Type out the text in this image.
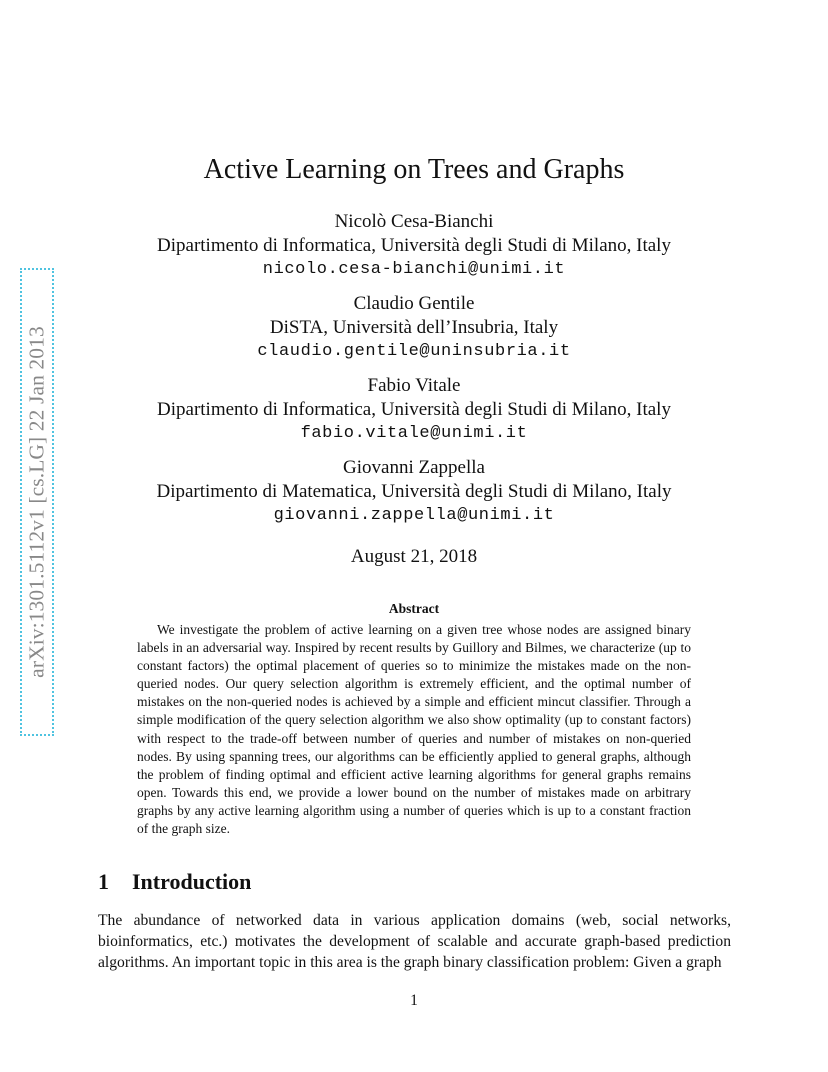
arXiv:1301.5112v1 [cs.LG] 22 Jan 2013
Active Learning on Trees and Graphs
Nicolò Cesa-Bianchi
Dipartimento di Informatica, Università degli Studi di Milano, Italy
nicolo.cesa-bianchi@unimi.it
Claudio Gentile
DiSTA, Università dell’Insubria, Italy
claudio.gentile@uninsubria.it
Fabio Vitale
Dipartimento di Informatica, Università degli Studi di Milano, Italy
fabio.vitale@unimi.it
Giovanni Zappella
Dipartimento di Matematica, Università degli Studi di Milano, Italy
giovanni.zappella@unimi.it
August 21, 2018
Abstract
We investigate the problem of active learning on a given tree whose nodes are assigned binary labels in an adversarial way. Inspired by recent results by Guillory and Bilmes, we characterize (up to constant factors) the optimal placement of queries so to minimize the mistakes made on the non-queried nodes. Our query selection algorithm is extremely efficient, and the optimal number of mistakes on the non-queried nodes is achieved by a simple and efficient mincut classifier. Through a simple modification of the query selection algorithm we also show optimality (up to constant factors) with respect to the trade-off between number of queries and number of mistakes on non-queried nodes. By using spanning trees, our algorithms can be efficiently applied to general graphs, although the problem of finding optimal and efficient active learning algorithms for general graphs remains open. Towards this end, we provide a lower bound on the number of mistakes made on arbitrary graphs by any active learning algorithm using a number of queries which is up to a constant fraction of the graph size.
1 Introduction
The abundance of networked data in various application domains (web, social networks, bioinformatics, etc.) motivates the development of scalable and accurate graph-based prediction algorithms. An important topic in this area is the graph binary classification problem: Given a graph
1
